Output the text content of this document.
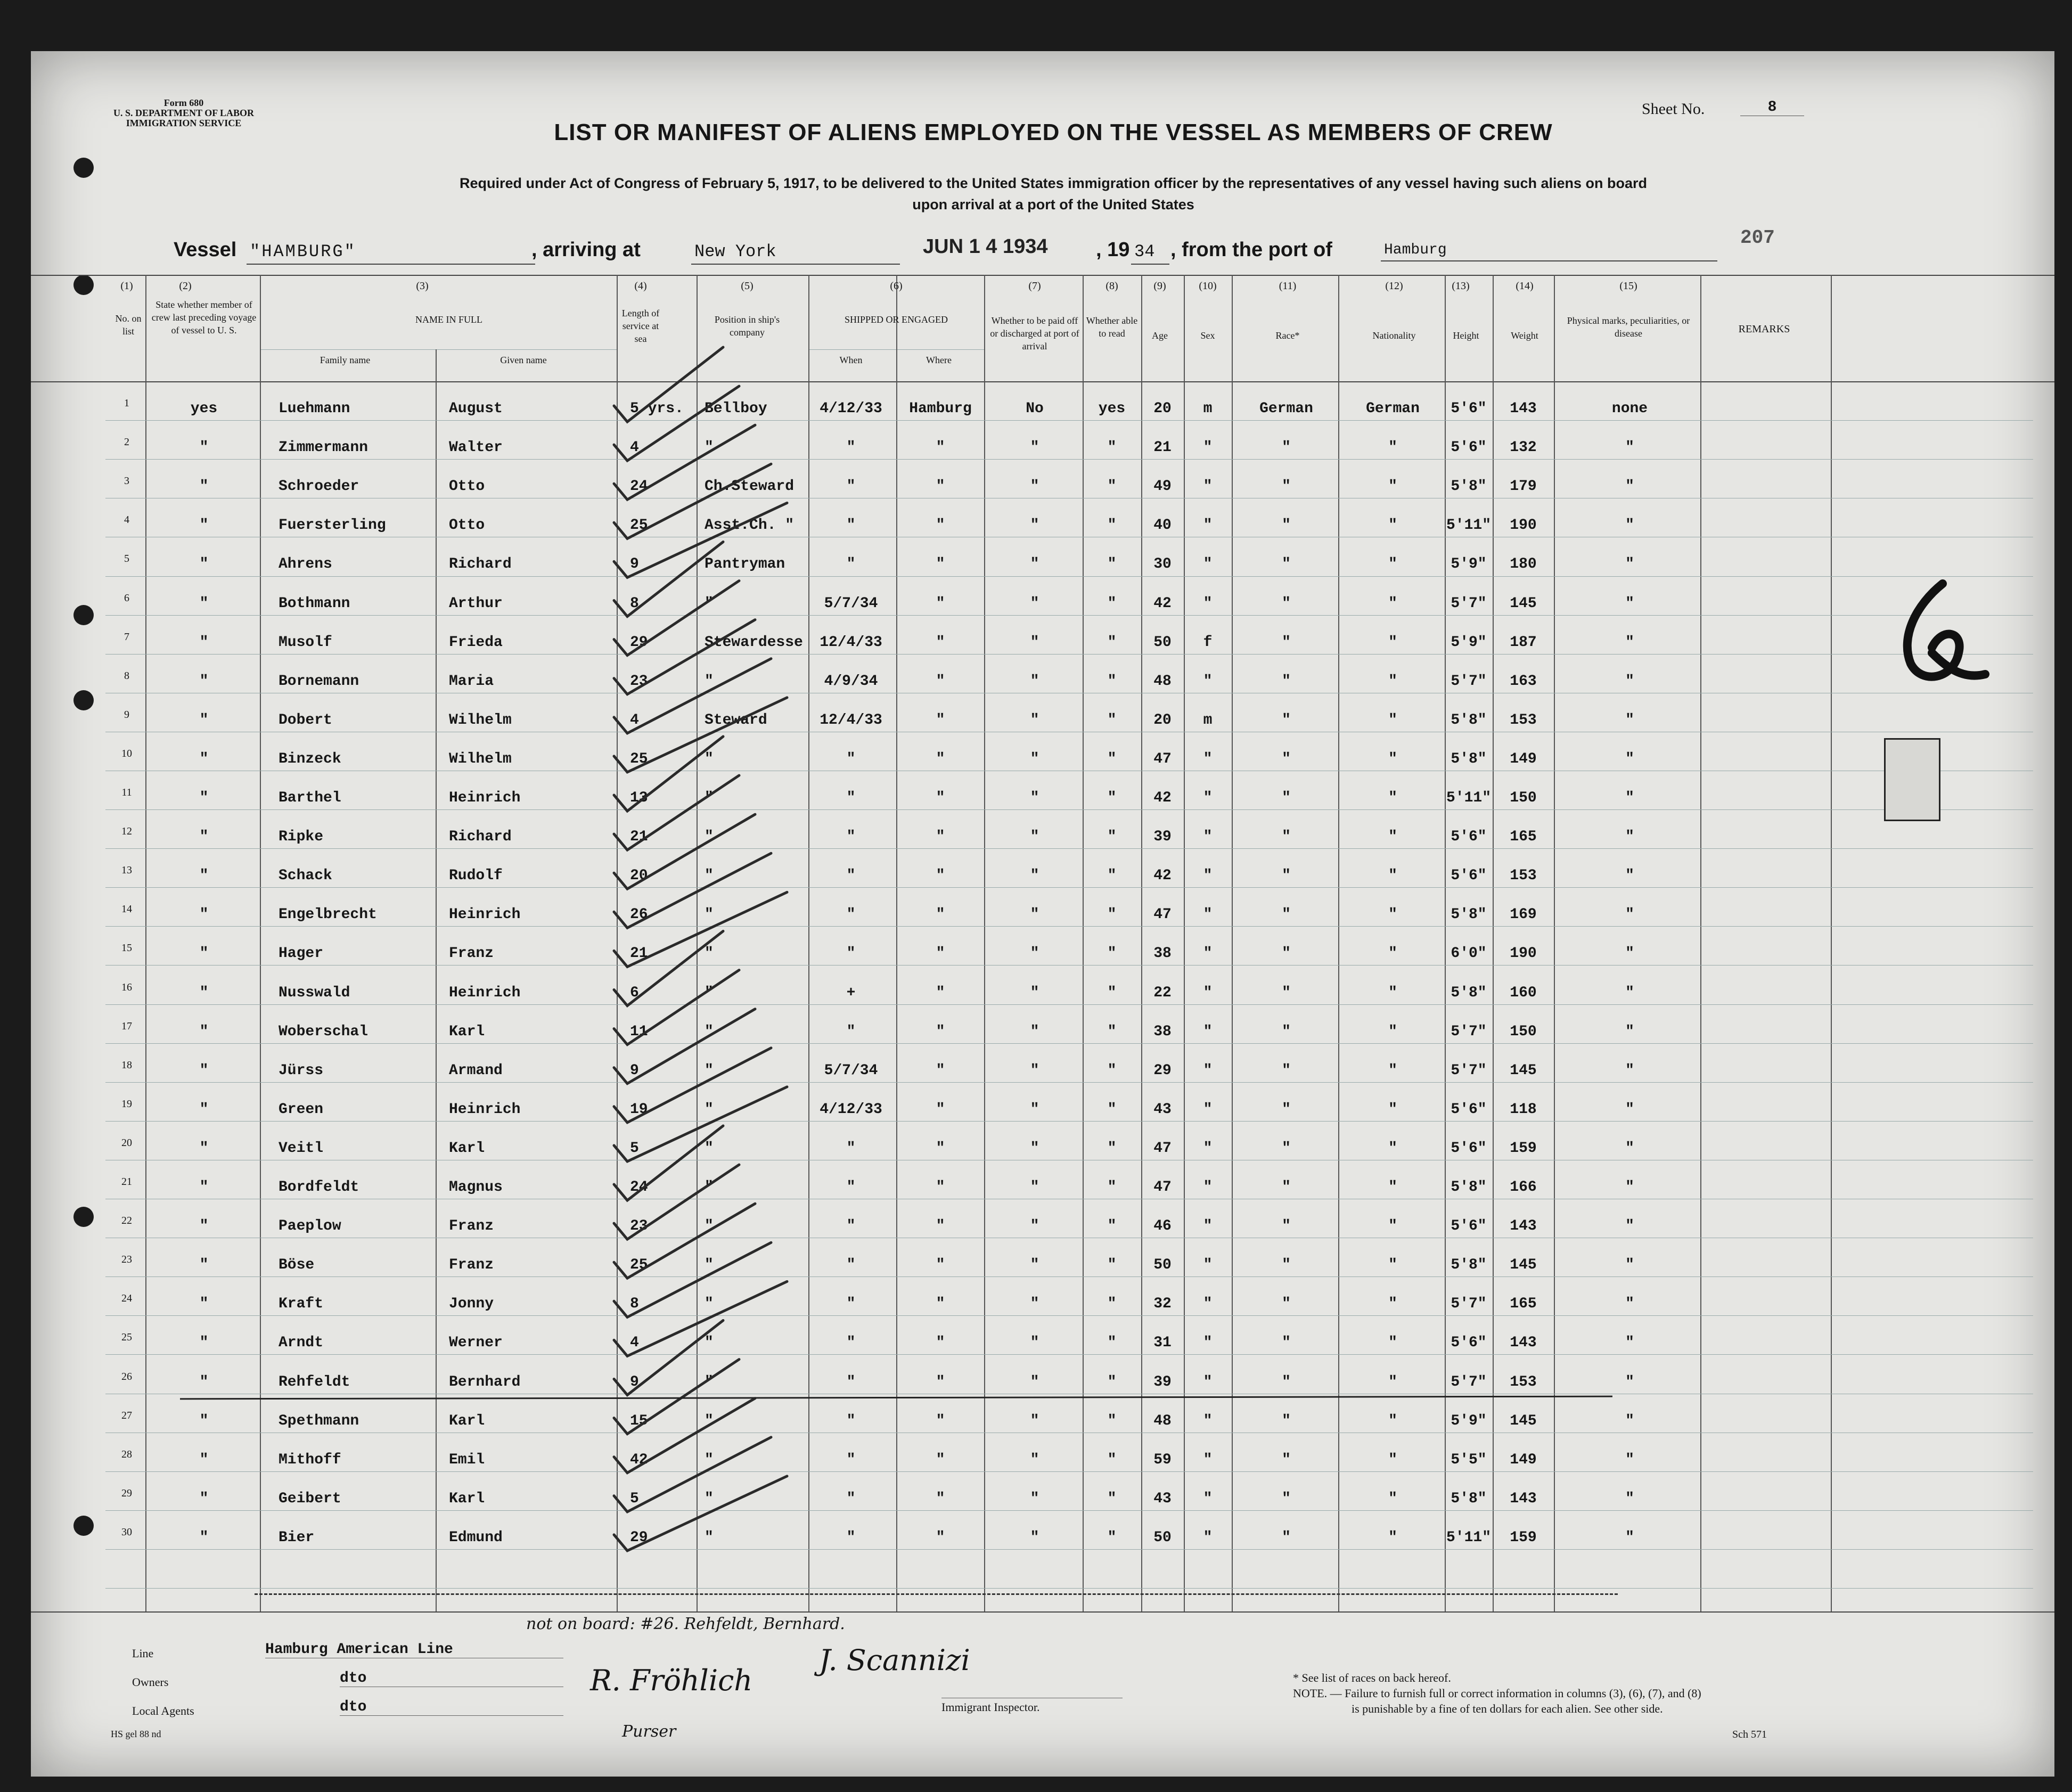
Form 680
U. S. DEPARTMENT OF LABOR
IMMIGRATION SERVICE	LIST OR MANIFEST OF ALIENS EMPLOYED ON THE VESSEL AS MEMBERS OF CREW
Required under Act of Congress of February 5, 1917, to be delivered to the United States immigration officer by the representatives of any vessel having such aliens on board
upon arrival at a port of the United States
Sheet No.	8
207
Vessel "HAMBURG"	, arriving at	New York	JUN 1 4 1934 , 19 34 , from the port of	Hamburg
(1)	(2)	(3)	(4)	(5)	(6)	(7)	(8)	(9)	(10)	(11)	(12)	(13)	(14)	(15)
No. on list
State whether member of crew last preceding voyage of vessel to U. S.
NAME IN FULL
Family name	Given name
Length of service at sea
Position in ship's company
SHIPPED OR ENGAGED
When	Where
Whether to be paid off or discharged at port of arrival
Whether able to read	Age	Sex	Race*	Nationality	Height	Weight
Physical marks, peculiarities, or disease	REMARKS
1	yes	Luehmann	August	5 yrs.	Bellboy	4/12/33	Hamburg	No	yes	20	m	German	German	5'6"	143	none
2	"	Zimmermann	Walter	4	"	"	"	"	"	21	"	"	"	5'6"	132	"
3	"	Schroeder	Otto	24	Ch.Steward	"	"	"	"	49	"	"	"	5'8"	179	"
4	"	Fuersterling	Otto	25	Asst.Ch. "	"	"	"	"	40	"	"	"	5'11"	190	"
5	"	Ahrens	Richard	9	Pantryman	"	"	"	"	30	"	"	"	5'9"	180	"
6	"	Bothmann	Arthur	8	"	5/7/34	"	"	"	42	"	"	"	5'7"	145	"
7	"	Musolf	Frieda	29	Stewardesse	12/4/33	"	"	"	50	f	"	"	5'9"	187	"
8	"	Bornemann	Maria	23	"	4/9/34	"	"	"	48	"	"	"	5'7"	163	"
9	"	Dobert	Wilhelm	4	Steward	12/4/33	"	"	"	20	m	"	"	5'8"	153	"
10	"	Binzeck	Wilhelm	25	"	"	"	"	"	47	"	"	"	5'8"	149	"
11	"	Barthel	Heinrich	13	"	"	"	"	"	42	"	"	"	5'11"	150	"
12	"	Ripke	Richard	21	"	"	"	"	"	39	"	"	"	5'6"	165	"
13	"	Schack	Rudolf	20	"	"	"	"	"	42	"	"	"	5'6"	153	"
14	"	Engelbrecht	Heinrich	26	"	"	"	"	"	47	"	"	"	5'8"	169	"
15	"	Hager	Franz	21	"	"	"	"	"	38	"	"	"	6'0"	190	"
16	"	Nusswald	Heinrich	6	"	+	"	"	"	22	"	"	"	5'8"	160	"
17	"	Woberschal	Karl	11	"	"	"	"	"	38	"	"	"	5'7"	150	"
18	"	Jürss	Armand	9	"	5/7/34	"	"	"	29	"	"	"	5'7"	145	"
19	"	Green	Heinrich	19	"	4/12/33	"	"	"	43	"	"	"	5'6"	118	"
20	"	Veitl	Karl	5	"	"	"	"	"	47	"	"	"	5'6"	159	"
21	"	Bordfeldt	Magnus	24	"	"	"	"	"	47	"	"	"	5'8"	166	"
22	"	Paeplow	Franz	23	"	"	"	"	"	46	"	"	"	5'6"	143	"
23	"	Böse	Franz	25	"	"	"	"	"	50	"	"	"	5'8"	145	"
24	"	Kraft	Jonny	8	"	"	"	"	"	32	"	"	"	5'7"	165	"
25	"	Arndt	Werner	4	"	"	"	"	"	31	"	"	"	5'6"	143	"
26	"	Rehfeldt	Bernhard	9	"	"	"	"	"	39	"	"	"	5'7"	153	"
27	"	Spethmann	Karl	15	"	"	"	"	"	48	"	"	"	5'9"	145	"
28	"	Mithoff	Emil	42	"	"	"	"	"	59	"	"	"	5'5"	149	"
29	"	Geibert	Karl	5	"	"	"	"	"	43	"	"	"	5'8"	143	"
30	"	Bier	Edmund	29	"	"	"	"	"	50	"	"	"	5'11"	159	"
not on board: #26. Rehfeldt, Bernhard.
Line	Hamburg American Line
Owners	dto
Local Agents	dto
R. Fröhlich
Purser
J. Scannizi
Immigrant Inspector.
* See list of races on back hereof.
NOTE. — Failure to furnish full or correct information in columns (3), (6), (7), and (8)
is punishable by a fine of ten dollars for each alien. See other side.
HS gel 88 nd	Sch 571
